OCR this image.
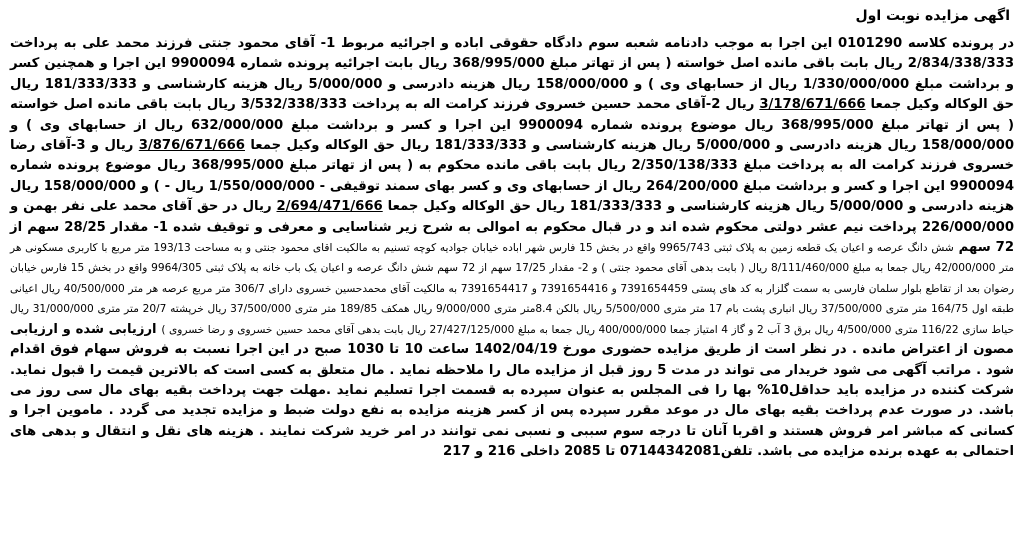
اگهی مزایده نوبت اول

در پرونده کلاسه 0101290 این اجرا به موجب دادنامه شعبه سوم دادگاه حقوقی اباده و اجرائیه مربوط 1- آقای محمود جنتی فرزند محمد علی به پرداخت 2/834/338/333 ریال بابت باقی مانده اصل خواسته ( پس از تهاتر مبلغ 368/995/000 ریال بابت اجرائیه پرونده شماره 9900094 این اجرا و همچنین کسر و برداشت مبلغ 1/330/000/000 ریال از حسابهای وی ) و 158/000/000 ریال هزینه دادرسی و 5/000/000 ریال هزینه کارشناسی و 181/333/333 ریال حق الوکاله وکیل جمعا 3/178/671/666 ریال 2-آقای محمد حسین خسروی فرزند کرامت اله به پرداخت 3/532/338/333 ریال بابت باقی مانده اصل خواسته ( پس از تهاتر مبلغ 368/995/000 ریال موضوع پرونده شماره 9900094 این اجرا و کسر و برداشت مبلغ 632/000/000 ریال از حسابهای وی ) و 158/000/000 ریال هزینه دادرسی و 5/000/000 ریال هزینه کارشناسی و 181/333/333 ریال حق الوکاله وکیل جمعا 3/876/671/666 ریال و 3-آقای رضا خسروی فرزند کرامت اله به پرداخت مبلغ 2/350/138/333 ریال بابت باقی مانده محکوم به ( پس از تهاتر مبلغ 368/995/000 ریال موضوع پرونده شماره 9900094 این اجرا و کسر و برداشت مبلغ 264/200/000 ریال از حسابهای وی و کسر بهای سمند توقیفی - 1/550/000/000 ریال - ) و 158/000/000 ریال هزینه دادرسی و 5/000/000 ریال هزینه کارشناسی و 181/333/333 ریال حق الوکاله وکیل جمعا 2/694/471/666 ریال در حق آقای محمد علی نفر بهمن و 226/000/000 پرداخت نیم عشر دولتی محکوم شده اند و در قبال محکوم به اموالی به شرح زیر شناسایی و معرفی و توقیف شده 1- مقدار 28/25 سهم از 72 سهم شش دانگ عرصه و اعیان یک قطعه زمین به پلاک ثبتی 9965/743 واقع در بخش 15 فارس شهر اباده خیابان جوادیه کوچه تسنیم به مالکیت اقای محمود جنتی و به مساحت 193/13 متر مربع با کاربری مسکونی هر متر 42/000/000 ریال جمعا به مبلغ 8/111/460/000 ریال ( بابت بدهی آقای محمود جنتی ) و 2- مقدار 17/25 سهم از 72 سهم شش دانگ عرصه و اعیان یک باب خانه به پلاک ثبتی 9964/305 واقع در بخش 15 فارس خیابان رضوان بعد از تقاطع بلوار سلمان فارسی به سمت گلزار به کد های پستی 7391654459 و 7391654416 و 7391654417 به مالکیت آقای محمدحسین خسروی دارای 306/7 متر مربع عرصه هر متر 40/500/000 ریال اعیانی طبقه اول 164/75 متر متری 37/500/000 ریال انباری پشت بام 17 متر متری 5/500/000 ریال بالکن 8.4متر متری 9/000/000 ریال همکف 189/85 متر متری 37/500/000 ریال خرپشته 20/7 متر متری 31/000/000 ریال حیاط سازی 116/22 متری 4/500/000 ریال برق 3 آب 2 و گاز 4 امتیاز جمعا 400/000/000 ریال جمعا به مبلغ 27/427/125/000 ریال بابت بدهی آقای محمد حسین خسروی و رضا خسروی ) ارزیابی شده و ارزیابی مصون از اعتراض مانده . در نظر است از طریق مزایده حضوری مورخ 1402/04/19 ساعت 10 تا 1030 صبح در این اجرا نسبت به فروش سهام فوق اقدام شود . مراتب آگهی می شود خریدار می تواند در مدت 5 روز قبل از مزایده مال را ملاحظه نماید . مال متعلق به کسی است که بالاترین قیمت را قبول نماید. شرکت کننده در مزایده باید حداقل10% بها را فی المجلس به عنوان سپرده به قسمت اجرا تسلیم نماید .مهلت جهت پرداخت بقیه بهای مال سی روز می باشد. در صورت عدم پرداخت بقیه بهای مال در موعد مقرر سپرده پس از کسر هزینه مزایده به نفع دولت ضبط و مزایده تجدید می گردد . ماموین اجرا و کسانی که مباشر امر فروش هستند و اقربا آنان تا درجه سوم سببی و نسبی نمی توانند در امر خرید شرکت نمایند . هزینه های نقل و انتقال و بدهی های احتمالی به عهده برنده مزایده می باشد. تلفن07144342081 تا 2085 داخلی 216 و 217
